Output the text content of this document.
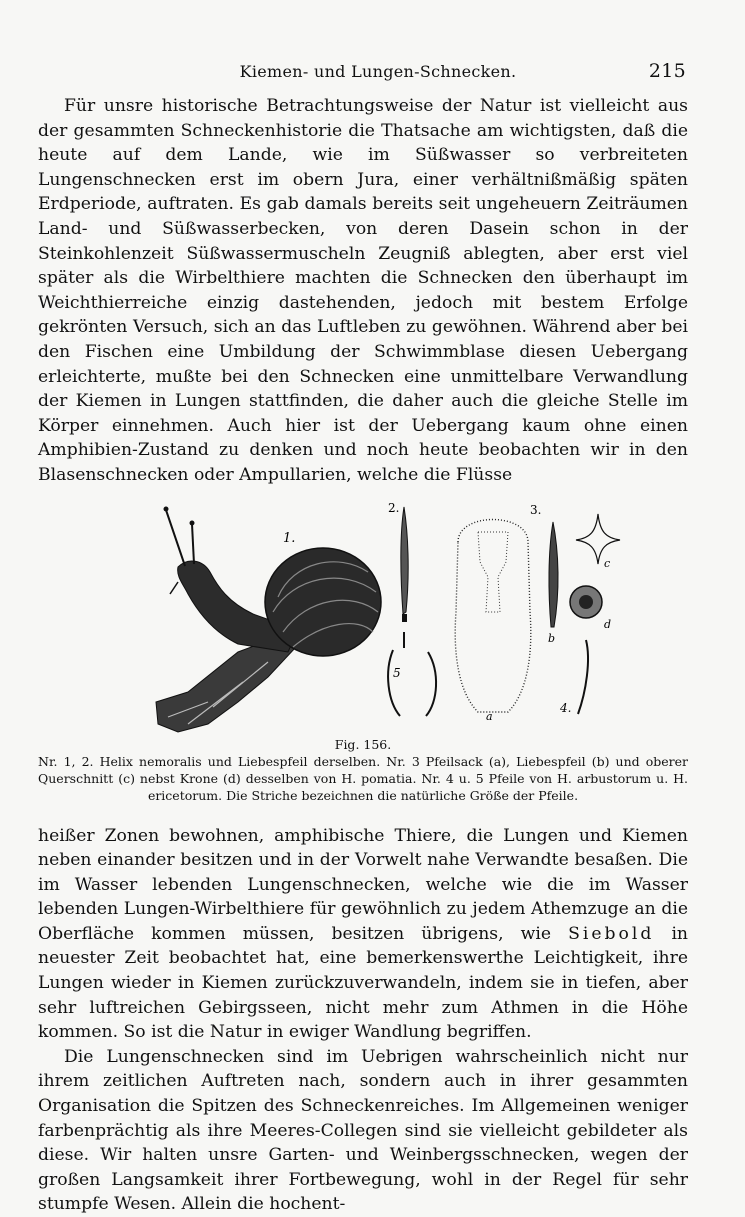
Kiemen- und Lungen-Schnecken.	215

Für unsre historische Betrachtungsweise der Natur ist vielleicht aus der gesammten Schneckenhistorie die Thatsache am wichtigsten, daß die heute auf dem Lande, wie im Süßwasser so verbreiteten Lungenschnecken erst im obern Jura, einer verhältnißmäßig späten Erdperiode, auftraten. Es gab damals bereits seit ungeheuern Zeiträumen Land- und Süßwasserbecken, von deren Dasein schon in der Steinkohlenzeit Süßwassermuscheln Zeugniß ablegten, aber erst viel später als die Wirbelthiere machten die Schnecken den überhaupt im Weichthierreiche einzig dastehenden, jedoch mit bestem Erfolge gekrönten Versuch, sich an das Luftleben zu gewöhnen. Während aber bei den Fischen eine Umbildung der Schwimmblase diesen Uebergang erleichterte, mußte bei den Schnecken eine unmittelbare Verwandlung der Kiemen in Lungen stattfinden, die daher auch die gleiche Stelle im Körper einnehmen. Auch hier ist der Uebergang kaum ohne einen Amphibien-Zustand zu denken und noch heute beobachten wir in den Blasenschnecken oder Ampullarien, welche die Flüsse

1.
2.
5
3.
a
b
c
d
4.
Fig. 156.
Nr. 1, 2. Helix nemoralis und Liebespfeil derselben. Nr. 3 Pfeilsack (a), Liebespfeil (b) und oberer Querschnitt (c) nebst Krone (d) desselben von H. pomatia. Nr. 4 u. 5 Pfeile von H. arbustorum u. H. ericetorum. Die Striche bezeichnen die natürliche Größe der Pfeile.

heißer Zonen bewohnen, amphibische Thiere, die Lungen und Kiemen neben einander besitzen und in der Vorwelt nahe Verwandte besaßen. Die im Wasser lebenden Lungenschnecken, welche wie die im Wasser lebenden Lungen-Wirbelthiere für gewöhnlich zu jedem Athemzuge an die Oberfläche kommen müssen, besitzen übrigens, wie Siebold in neuester Zeit beobachtet hat, eine bemerkenswerthe Leichtigkeit, ihre Lungen wieder in Kiemen zurückzuverwandeln, indem sie in tiefen, aber sehr luftreichen Gebirgsseen, nicht mehr zum Athmen in die Höhe kommen. So ist die Natur in ewiger Wandlung begriffen.

Die Lungenschnecken sind im Uebrigen wahrscheinlich nicht nur ihrem zeitlichen Auftreten nach, sondern auch in ihrer gesammten Organisation die Spitzen des Schneckenreiches. Im Allgemeinen weniger farbenprächtig als ihre Meeres-Collegen sind sie vielleicht gebildeter als diese. Wir halten unsre Garten- und Weinbergsschnecken, wegen der großen Langsamkeit ihrer Fortbewegung, wohl in der Regel für sehr stumpfe Wesen. Allein die hochent-
